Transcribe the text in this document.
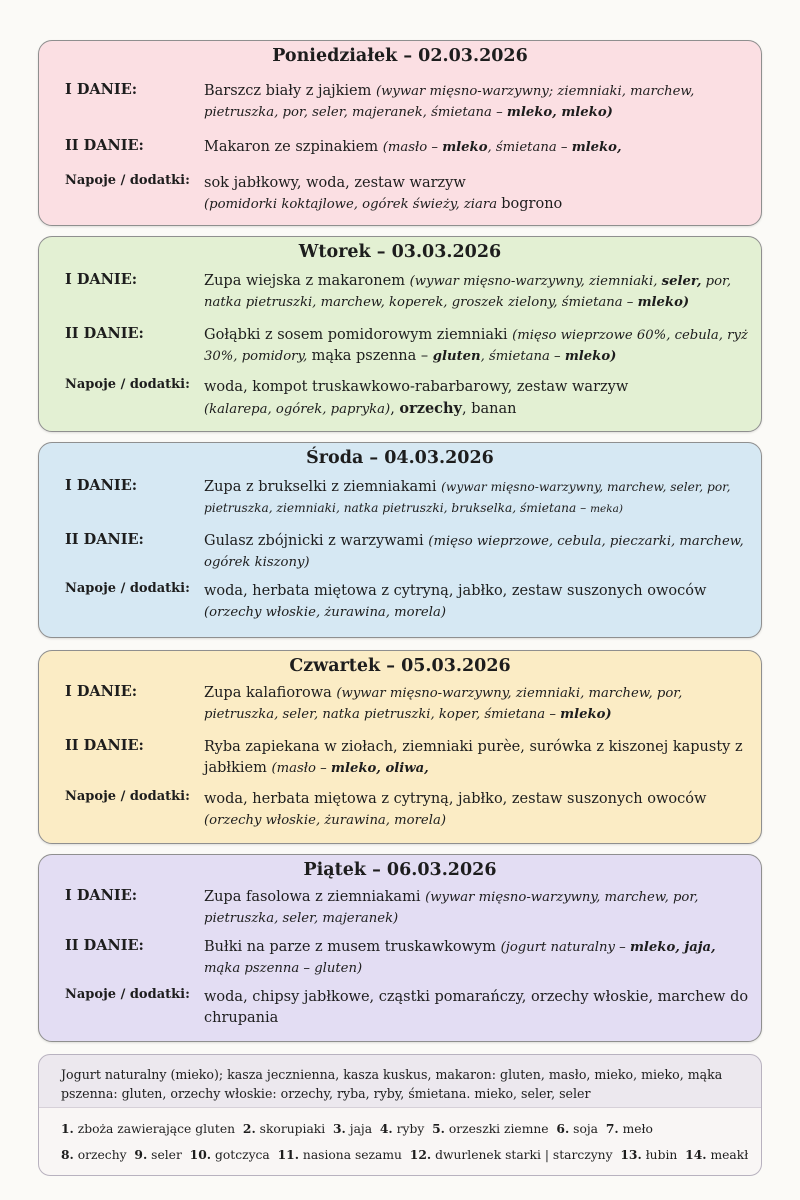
Poniedziałek – 02.03.2026
I DANIE:	Barszcz biały z jajkiem (wywar mięsno-warzywny; ziemniaki, marchew, pietruszka, por, seler, majeranek, śmietana – mleko, mleko)
II DANIE:	Makaron ze szpinakiem (masło – mleko, śmietana – mleko,
Napoje / dodatki: sok jabłkowy, woda, zestaw warzyw
(pomidorki koktajlowe, ogórek świeży, ziara bogrono
Wtorek – 03.03.2026
I DANIE:	Zupa wiejska z makaronem (wywar mięsno-warzywny, ziemniaki, seler, por, natka pietruszki, marchew, koperek, groszek zielony, śmietana – mleko)
II DANIE:	Gołąbki z sosem pomidorowym ziemniaki (mięso wieprzowe 60%, cebula, ryż 30%, pomidory, mąka pszenna – gluten, śmietana – mleko)
Napoje / dodatki: woda, kompot truskawkowo-rabarbarowy, zestaw warzyw
(kalarepa, ogórek, papryka), orzechy, banan
Środa – 04.03.2026
I DANIE:	Zupa z brukselki z ziemniakami (wywar mięsno-warzywny, marchew, seler, por, pietruszka, ziemniaki, natka pietruszki, brukselka, śmietana – meka)
II DANIE:	Gulasz zbójnicki z warzywami (mięso wieprzowe, cebula, pieczarki, marchew, ogórek kiszony)
Napoje / dodatki: woda, herbata miętowa z cytryną, jabłko, zestaw suszonych owoców
(orzechy włoskie, żurawina, morela)
Czwartek – 05.03.2026
I DANIE:	Zupa kalafiorowa (wywar mięsno-warzywny, ziemniaki, marchew, por, pietruszka, seler, natka pietruszki, koper, śmietana – mleko)
II DANIE:	Ryba zapiekana w ziołach, ziemniaki purèe, surówka z kiszonej kapusty z jabłkiem (masło – mleko, oliwa,
Napoje / dodatki: woda, herbata miętowa z cytryną, jabłko, zestaw suszonych owoców
(orzechy włoskie, żurawina, morela)
Piątek – 06.03.2026
I DANIE:	Zupa fasolowa z ziemniakami (wywar mięsno-warzywny, marchew, por, pietruszka, seler, majeranek)
II DANIE:	Bułki na parze z musem truskawkowym (jogurt naturalny – mleko, jaja, mąka pszenna – gluten)
Napoje / dodatki: woda, chipsy jabłkowe, cząstki pomarańczy, orzechy włoskie, marchew do chrupania
Jogurt naturalny (mieko); kasza jecznienna, kasza kuskus, makaron: gluten, masło, mieko, mieko, mąka pszenna: gluten, orzechy włoskie: orzechy, ryba, ryby, śmietana. mieko, seler, seler
1. zboża zawierające gluten 2. skorupiaki 3. jaja 4. ryby 5. orzeszki ziemne 6. soja 7. mełо
8. orzechy 9. seler 10. gotczyca 11. nasiona sezamu 12. dwurlenek starki | starczyny 13. łubin 14. meakł
